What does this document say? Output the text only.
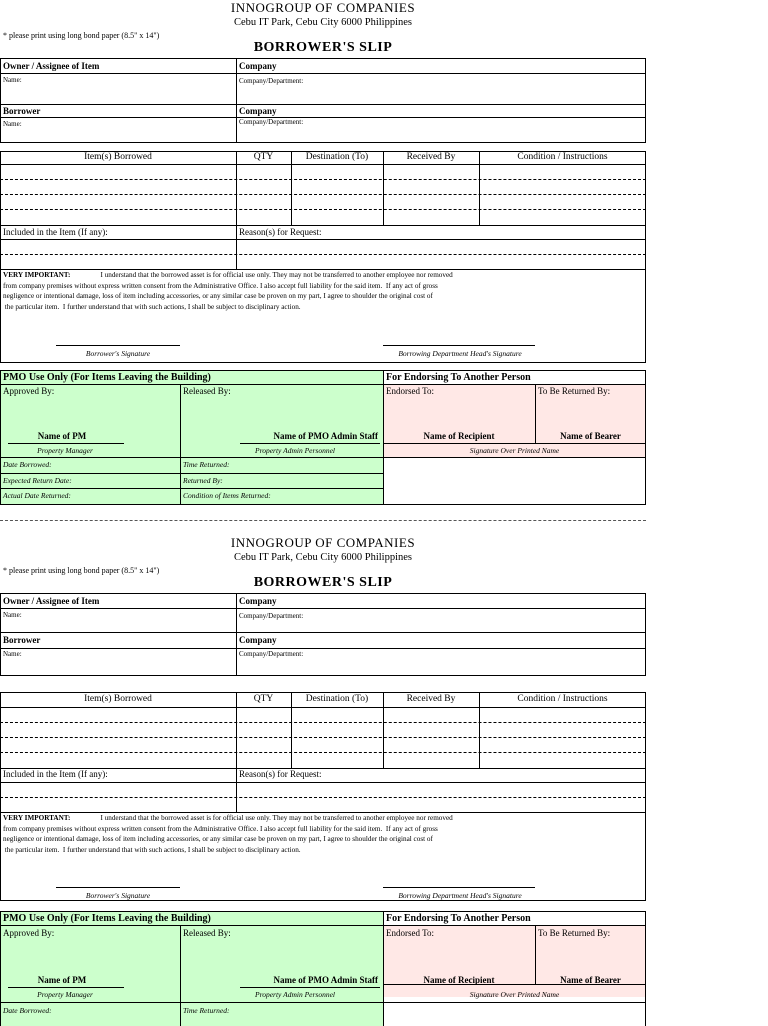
INNOGROUP OF COMPANIES
Cebu IT Park, Cebu City 6000 Philippines
* please print using long bond paper (8.5" x 14")
BORROWER'S SLIP
Owner / Assignee of Item	Company
Name:	Company/Department:
Borrower	Company
Name:	Company/Department:
Item(s) Borrowed	QTY	Destination (To)	Received By	Condition / Instructions
Included in the Item (If any):	Reason(s) for Request:
VERY IMPORTANT:	I understand that the borrowed asset is for official use only. They may not be transferred to another employee nor removed
from company premises without express written consent from the Administrative Office. I also accept full liability for the said item.  If any act of gross
negligence or intentional damage, loss of item including accessories, or any similar case be proven on my part, I agree to shoulder the original cost of
the particular item.  I further understand that with such actions, I shall be subject to disciplinary action.
Borrower's Signature	Borrowing Department Head's Signature
PMO Use Only (For Items Leaving the Building)	For Endorsing To Another Person
Approved By:	Released By:	Endorsed To:	To Be Returned By:
Name of PM	Name of PMO Admin Staff	Name of Recipient	Name of Bearer
Property Manager	Property Admin Personnel	Signature Over Printed Name
Date Borrowed:	Time Returned:
Expected Return Date:	Returned By:
Actual Date Returned:	Condition of Items Returned:
INNOGROUP OF COMPANIES
Cebu IT Park, Cebu City 6000 Philippines
* please print using long bond paper (8.5" x 14")
BORROWER'S SLIP
Owner / Assignee of Item	Company
Name:	Company/Department:
Borrower	Company
Name:	Company/Department:
Item(s) Borrowed	QTY	Destination (To)	Received By	Condition / Instructions
Included in the Item (If any):	Reason(s) for Request:
VERY IMPORTANT:	I understand that the borrowed asset is for official use only. They may not be transferred to another employee nor removed
from company premises without express written consent from the Administrative Office. I also accept full liability for the said item.  If any act of gross
negligence or intentional damage, loss of item including accessories, or any similar case be proven on my part, I agree to shoulder the original cost of
the particular item.  I further understand that with such actions, I shall be subject to disciplinary action.
Borrower's Signature	Borrowing Department Head's Signature
PMO Use Only (For Items Leaving the Building)	For Endorsing To Another Person
Approved By:	Released By:	Endorsed To:	To Be Returned By:
Name of PM	Name of PMO Admin Staff	Name of Recipient	Name of Bearer
Property Manager	Property Admin Personnel	Signature Over Printed Name
Date Borrowed:	Time Returned:
